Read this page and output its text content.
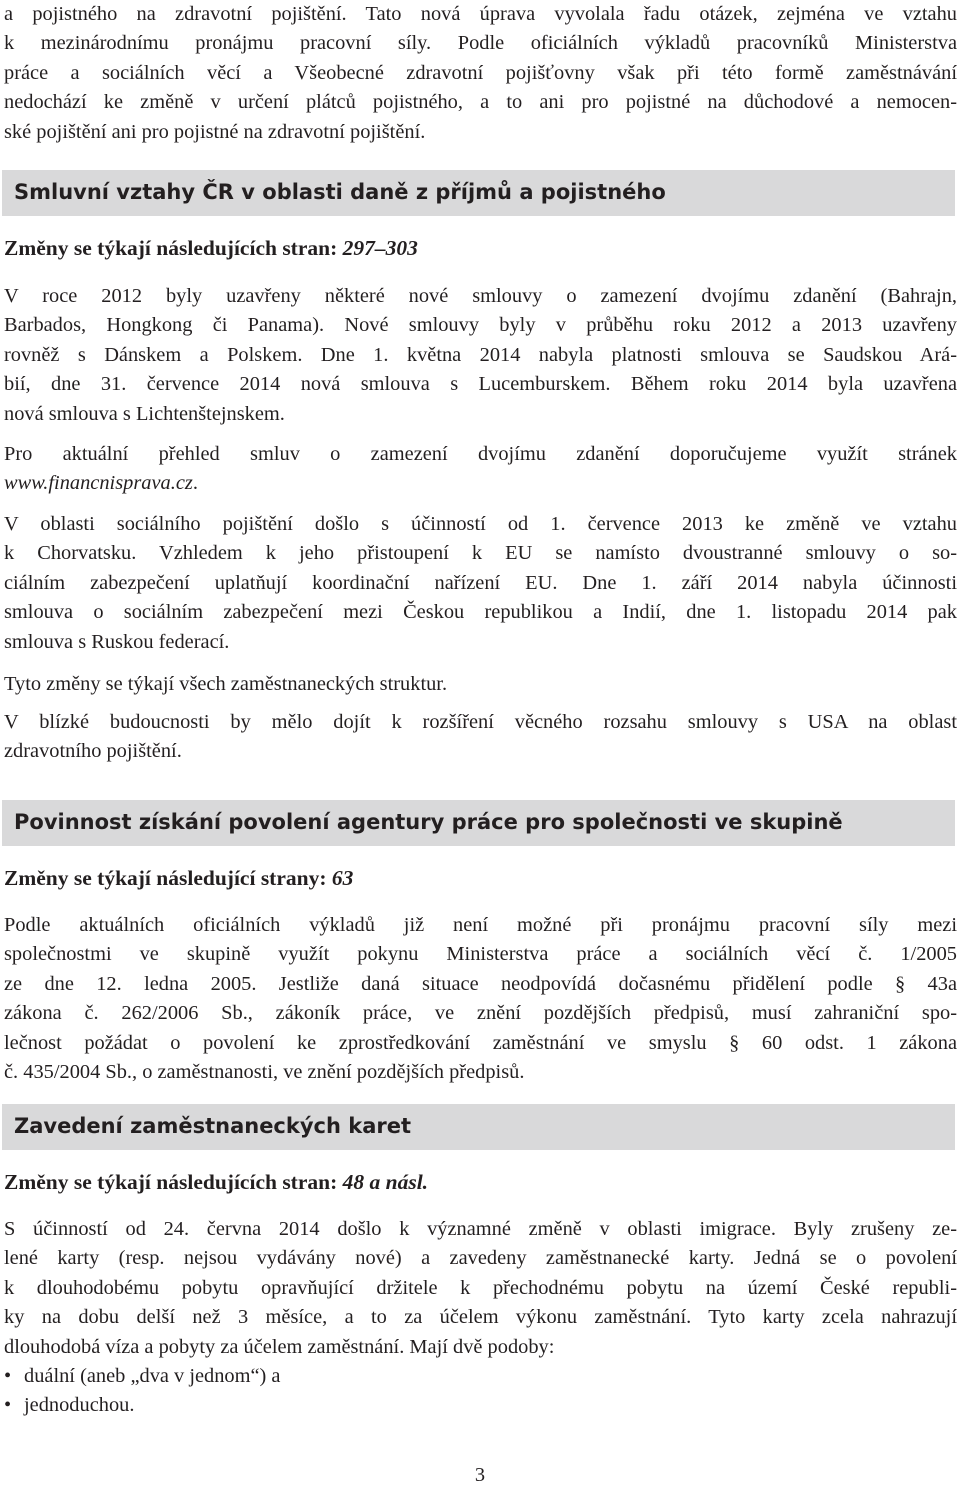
a pojistného na zdravotní pojištění. Tato nová úprava vyvolala řadu otázek, zejména ve vztahu
k mezinárodnímu pronájmu pracovní síly. Podle oficiálních výkladů pracovníků Ministerstva
práce a sociálních věcí a Všeobecné zdravotní pojišťovny však při této formě zaměstnávání
nedochází ke změně v určení plátců pojistného, a to ani pro pojistné na důchodové a nemocen-
ské pojištění ani pro pojistné na zdravotní pojištění.
Smluvní vztahy ČR v oblasti daně z příjmů a pojistného
Změny se týkají následujících stran: 297–303
V roce 2012 byly uzavřeny některé nové smlouvy o zamezení dvojímu zdanění (Bahrajn,
Barbados, Hongkong či Panama). Nové smlouvy byly v průběhu roku 2012 a 2013 uzavřeny
rovněž s Dánskem a Polskem. Dne 1. května 2014 nabyla platnosti smlouva se Saudskou Ará-
bií, dne 31. července 2014 nová smlouva s Lucemburskem. Během roku 2014 byla uzavřena
nová smlouva s Lichtenštejnskem.
Pro aktuální přehled smluv o zamezení dvojímu zdanění doporučujeme využít stránek
www.financnisprava.cz.
V oblasti sociálního pojištění došlo s účinností od 1. července 2013 ke změně ve vztahu
k Chorvatsku. Vzhledem k jeho přistoupení k EU se namísto dvoustranné smlouvy o so-
ciálním zabezpečení uplatňují koordinační nařízení EU. Dne 1. září 2014 nabyla účinnosti
smlouva o sociálním zabezpečení mezi Českou republikou a Indií, dne 1. listopadu 2014 pak
smlouva s Ruskou federací.
Tyto změny se týkají všech zaměstnaneckých struktur.
V blízké budoucnosti by mělo dojít k rozšíření věcného rozsahu smlouvy s USA na oblast
zdravotního pojištění.
Povinnost získání povolení agentury práce pro společnosti ve skupině
Změny se týkají následující strany: 63
Podle aktuálních oficiálních výkladů již není možné při pronájmu pracovní síly mezi
společnostmi ve skupině využít pokynu Ministerstva práce a sociálních věcí č. 1/2005
ze dne 12. ledna 2005. Jestliže daná situace neodpovídá dočasnému přidělení podle § 43a
zákona č. 262/2006 Sb., zákoník práce, ve znění pozdějších předpisů, musí zahraniční spo-
lečnost požádat o povolení ke zprostředkování zaměstnání ve smyslu § 60 odst. 1 zákona
č. 435/2004 Sb., o zaměstnanosti, ve znění pozdějších předpisů.
Zavedení zaměstnaneckých karet
Změny se týkají následujících stran: 48 a násl.
S účinností od 24. června 2014 došlo k významné změně v oblasti imigrace. Byly zrušeny ze-
lené karty (resp. nejsou vydávány nové) a zavedeny zaměstnanecké karty. Jedná se o povolení
k dlouhodobému pobytu opravňující držitele k přechodnému pobytu na území České republi-
ky na dobu delší než 3 měsíce, a to za účelem výkonu zaměstnání. Tyto karty zcela nahrazují
dlouhodobá víza a pobyty za účelem zaměstnání. Mají dvě podoby:
• duální (aneb „dva v jednom“) a
• jednoduchou.
3
